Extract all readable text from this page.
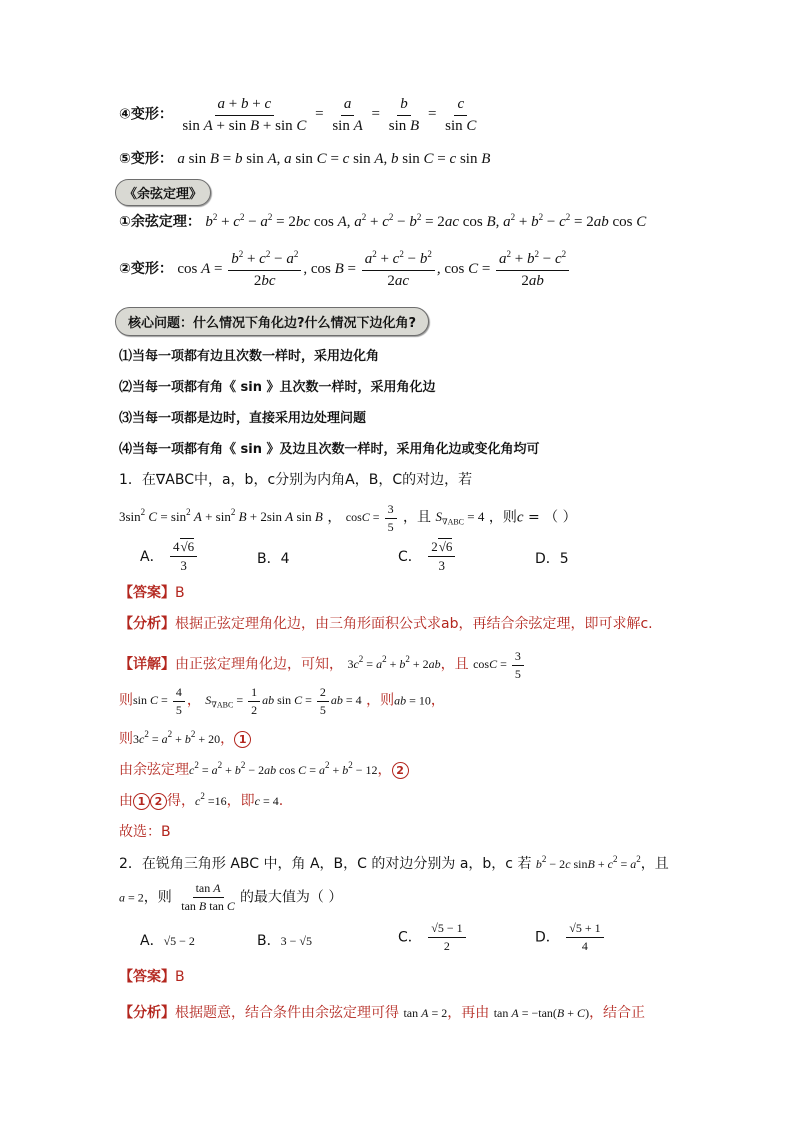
④变形： $\frac{a + b + c}{\text{sin A + sin B + sin C}} = \frac{a}{\text{sin A}} = \frac{b}{\text{sin B}} = \frac{c}{\text{sin C}}$
⑤变形： a sin B = b sin A, a sin C = c sin A, b sin C = c sin B
《余弦定理》
①余弦定理： $b^2 + c^2 - a^2 = 2bc$ cos A, $a^2 + c^2 - b^2 = 2ac$ cos B, $a^2 + b^2 - c^2 = 2ab$ cos C
②变形： $\cos A = \frac{b^2 + c^2 - a^2}{2bc}$ , $\cos B = \frac{a^2 + c^2 - b^2}{2ac}$ , $\cos C = \frac{a^2 + b^2 - c^2}{2ab}$
核心问题：什么情况下角化边?什么情况下边化角?
⑴当每一项都有边且次数一样时，采用边化角
⑵当每一项都有角《 sin 》且次数一样时，采用角化边
⑶当每一项都是边时，直接采用边处理问题
⑷当每一项都有角《 sin 》及边且次数一样时，采用角化边或变化角均可
1．在∇ABC中，a，b，c分别为内角A，B，C的对边，若
$3\sin^2$ $C = \sin^2 A + \sin^2 B + 2\sin$ A sin B ， $\cos C = \frac{3}{5}$ ，且 $S_{\nabla ABC} = 4$ ，则c = （ ）
A． $\frac{4√6}{3}$	B．4	C． $\frac{2√6}{3}$	D．5
【答案】B
【分析】根据正弦定理角化边，由三角形面积公式求ab，再结合余弦定理，即可求解c.
【详解】由正弦定理角化边，可知， $3c^2 = a^2 + b^2 + 2ab$，且 $\cos C = \frac{3}{5}$
则$\sin C = \frac{4}{5}$ ， $S_{\nabla ABC} = \frac{1}{2}$ ab $\sin C = \frac{2}{5}$ ab = 4 ，则ab = 10，
则$3c^2 = a^2 + b^2 + 20$， 1
由余弦定理$c^2 = a^2 + b^2 - 2ab$ $\cos C = a^2 + b^2 - 12$， 2
由 1 2 得，$c^2 =16$，即c = 4.
故选：B
2．在锐角三角形 ABC 中，角 A，B，C 的对边分别为 a，b，c 若 $b^2 - 2c$ $\sin B + c^2 = a^2$，且
a = 2，则 $\frac{\text{tan A}}{\text{tan B tan C}}$ 的最大值为（ ）
A．√5 − 2	B．3 − √5	C． $\frac{√5 - 1}{2}$	D． $\frac{√5 + 1}{4}$
【答案】B
【分析】根据题意，结合条件由余弦定理可得 tan A = 2，再由 tan A = −tan(B + C)，结合正
